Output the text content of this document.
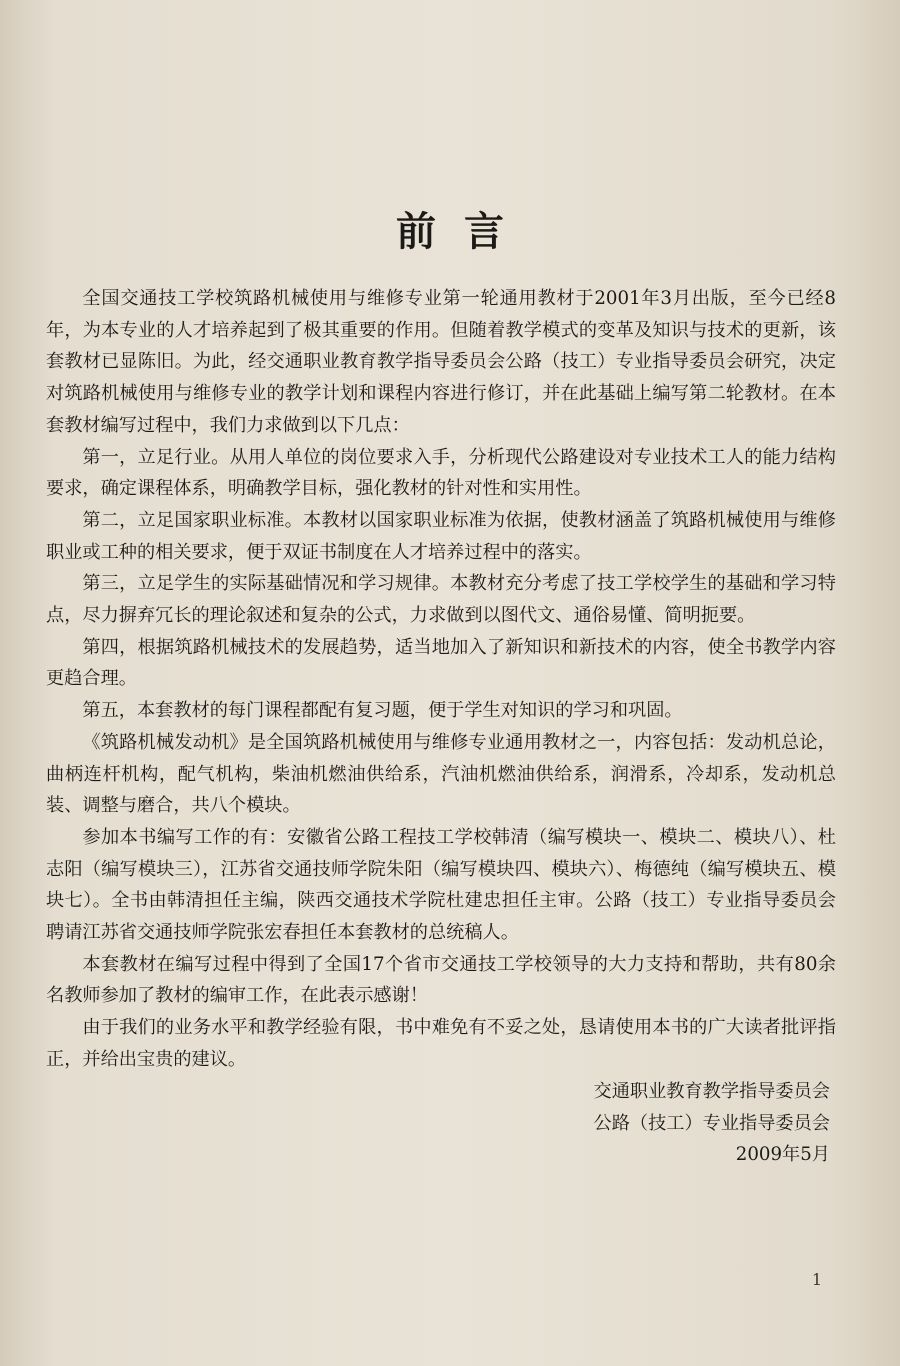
前言

全国交通技工学校筑路机械使用与维修专业第一轮通用教材于2001年3月出版，至今已经8年，为本专业的人才培养起到了极其重要的作用。但随着教学模式的变革及知识与技术的更新，该套教材已显陈旧。为此，经交通职业教育教学指导委员会公路（技工）专业指导委员会研究，决定对筑路机械使用与维修专业的教学计划和课程内容进行修订，并在此基础上编写第二轮教材。在本套教材编写过程中，我们力求做到以下几点：

第一，立足行业。从用人单位的岗位要求入手，分析现代公路建设对专业技术工人的能力结构要求，确定课程体系，明确教学目标，强化教材的针对性和实用性。

第二，立足国家职业标准。本教材以国家职业标准为依据，使教材涵盖了筑路机械使用与维修职业或工种的相关要求，便于双证书制度在人才培养过程中的落实。

第三，立足学生的实际基础情况和学习规律。本教材充分考虑了技工学校学生的基础和学习特点，尽力摒弃冗长的理论叙述和复杂的公式，力求做到以图代文、通俗易懂、简明扼要。

第四，根据筑路机械技术的发展趋势，适当地加入了新知识和新技术的内容，使全书教学内容更趋合理。

第五，本套教材的每门课程都配有复习题，便于学生对知识的学习和巩固。

《筑路机械发动机》是全国筑路机械使用与维修专业通用教材之一，内容包括：发动机总论，曲柄连杆机构，配气机构，柴油机燃油供给系，汽油机燃油供给系，润滑系，冷却系，发动机总装、调整与磨合，共八个模块。

参加本书编写工作的有：安徽省公路工程技工学校韩清（编写模块一、模块二、模块八）、杜志阳（编写模块三），江苏省交通技师学院朱阳（编写模块四、模块六）、梅德纯（编写模块五、模块七）。全书由韩清担任主编，陕西交通技术学院杜建忠担任主审。公路（技工）专业指导委员会聘请江苏省交通技师学院张宏春担任本套教材的总统稿人。

本套教材在编写过程中得到了全国17个省市交通技工学校领导的大力支持和帮助，共有80余名教师参加了教材的编审工作，在此表示感谢！

由于我们的业务水平和教学经验有限，书中难免有不妥之处，恳请使用本书的广大读者批评指正，并给出宝贵的建议。

交通职业教育教学指导委员会
公路（技工）专业指导委员会
2009年5月
1
